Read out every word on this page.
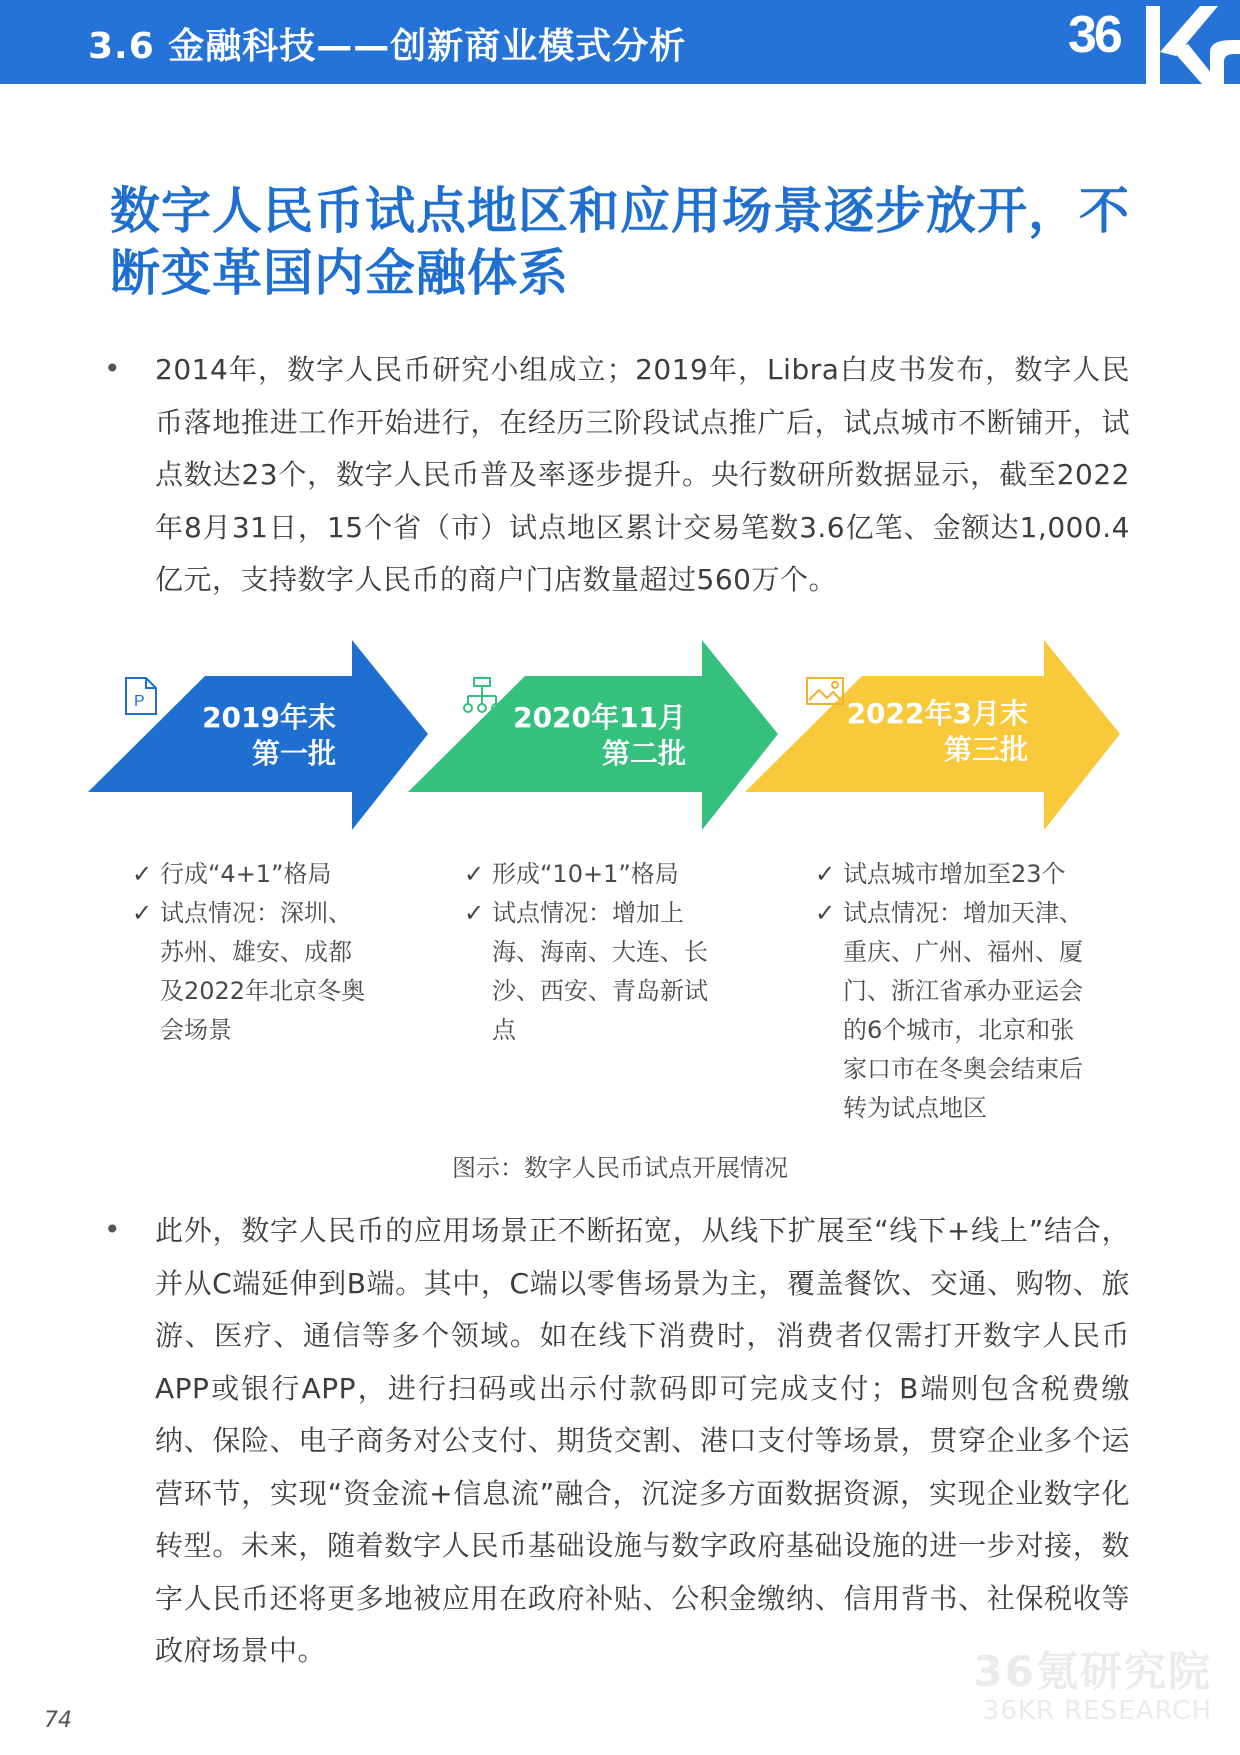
3.6 金融科技——创新商业模式分析	36
数字人民币试点地区和应用场景逐步放开，不断变革国内金融体系
• 2014年，数字人民币研究小组成立；2019年，Libra白皮书发布，数字人民币落地推进工作开始进行，在经历三阶段试点推广后，试点城市不断铺开，试点数达23个，数字人民币普及率逐步提升。央行数研所数据显示，截至2022年8月31日，15个省（市）试点地区累计交易笔数3.6亿笔、金额达1,000.4亿元，支持数字人民币的商户门店数量超过560万个。
P	2019年末
第一批
2020年11月
第二批
2022年3月末
第三批
✓ 行成“4+1”格局
✓ 试点情况：深圳、苏州、雄安、成都及2022年北京冬奥会场景
✓ 形成“10+1”格局
✓ 试点情况：增加上海、海南、大连、长沙、西安、青岛新试点
✓ 试点城市增加至23个
✓ 试点情况：增加天津、重庆、广州、福州、厦门、浙江省承办亚运会的6个城市，北京和张家口市在冬奥会结束后转为试点地区
图示：数字人民币试点开展情况
• 此外，数字人民币的应用场景正不断拓宽，从线下扩展至“线下+线上”结合，并从C端延伸到B端。其中，C端以零售场景为主，覆盖餐饮、交通、购物、旅游、医疗、通信等多个领域。如在线下消费时，消费者仅需打开数字人民币APP或银行APP，进行扫码或出示付款码即可完成支付；B端则包含税费缴纳、保险、电子商务对公支付、期货交割、港口支付等场景，贯穿企业多个运营环节，实现“资金流+信息流”融合，沉淀多方面数据资源，实现企业数字化转型。未来，随着数字人民币基础设施与数字政府基础设施的进一步对接，数字人民币还将更多地被应用在政府补贴、公积金缴纳、信用背书、社保税收等政府场景中。	36氪研究院
36KR RESEARCH
74
